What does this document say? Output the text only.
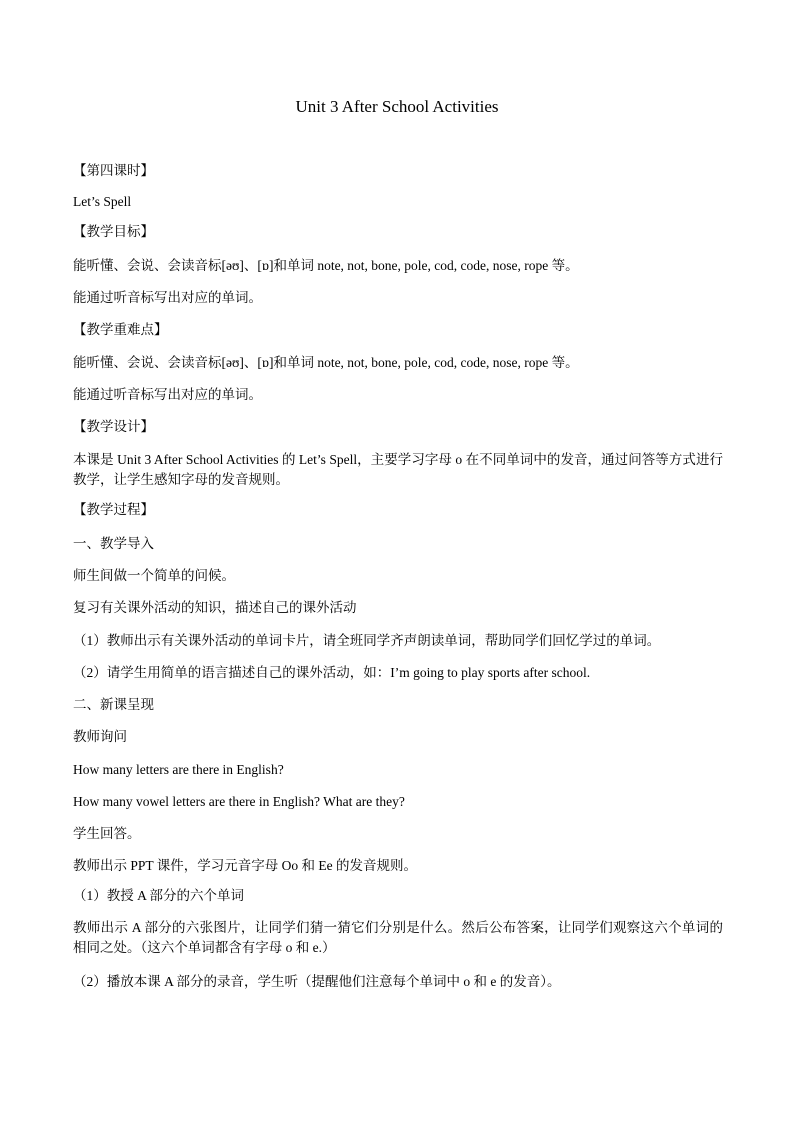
Unit 3 After School Activities
【第四课时】
Let’s Spell
【教学目标】
能听懂、会说、会读音标[əʊ]、[ɒ]和单词 note, not, bone, pole, cod, code, nose, rope 等。
能通过听音标写出对应的单词。
【教学重难点】
能听懂、会说、会读音标[əʊ]、[ɒ]和单词 note, not, bone, pole, cod, code, nose, rope 等。
能通过听音标写出对应的单词。
【教学设计】
本课是 Unit 3 After School Activities 的 Let’s Spell，主要学习字母 o 在不同单词中的发音，通过问答等方式进行教学，让学生感知字母的发音规则。
【教学过程】
一、教学导入
师生间做一个简单的问候。
复习有关课外活动的知识，描述自己的课外活动
（1）教师出示有关课外活动的单词卡片，请全班同学齐声朗读单词，帮助同学们回忆学过的单词。
（2）请学生用简单的语言描述自己的课外活动，如：I’m going to play sports after school.
二、新课呈现
教师询问
How many letters are there in English?
How many vowel letters are there in English? What are they?
学生回答。
教师出示 PPT 课件，学习元音字母 Oo 和 Ee 的发音规则。
（1）教授 A 部分的六个单词
教师出示 A 部分的六张图片，让同学们猜一猜它们分别是什么。然后公布答案，让同学们观察这六个单词的相同之处。（这六个单词都含有字母 o 和 e.）
（2）播放本课 A 部分的录音，学生听（提醒他们注意每个单词中 o 和 e 的发音）。
